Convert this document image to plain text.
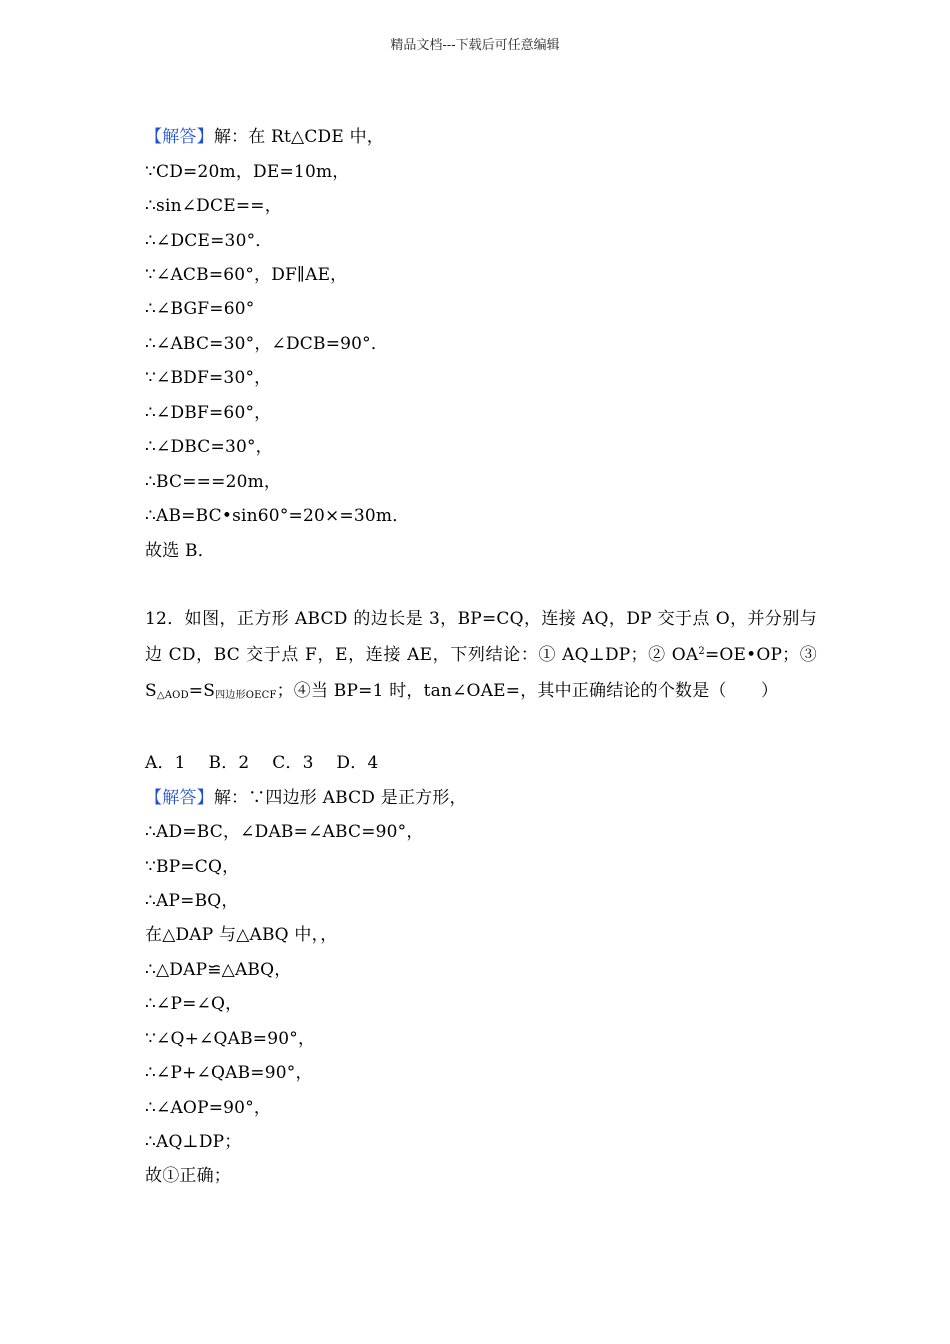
精品文档---下载后可任意编辑
【解答】解：在 Rt△CDE 中，
∵CD=20m，DE=10m，
∴sin∠DCE==，
∴∠DCE=30°．
∵∠ACB=60°，DF∥AE，
∴∠BGF=60°
∴∠ABC=30°，∠DCB=90°．
∵∠BDF=30°，
∴∠DBF=60°，
∴∠DBC=30°，
∴BC===20m，
∴AB=BC•sin60°=20×=30m．
故选 B．
12．如图，正方形 ABCD 的边长是 3，BP=CQ，连接 AQ，DP 交于点 O，并分别与边 CD，BC 交于点 F，E，连接 AE，下列结论：① AQ⊥DP；② $OA^2=OE•OP$；③ $S_{\triangle AOD}=S_{四边形OECF}$；④当 BP=1 时，tan∠OAE=，其中正确结论的个数是（　　）
A．1　 B．2　 C．3　 D．4
【解答】解：∵四边形 ABCD 是正方形，
∴AD=BC，∠DAB=∠ABC=90°，
∵BP=CQ，
∴AP=BQ，
在△DAP 与△ABQ 中，，
∴△DAP≌△ABQ，
∴∠P=∠Q，
∵∠Q+∠QAB=90°，
∴∠P+∠QAB=90°，
∴∠AOP=90°，
∴AQ⊥DP；
故①正确；
